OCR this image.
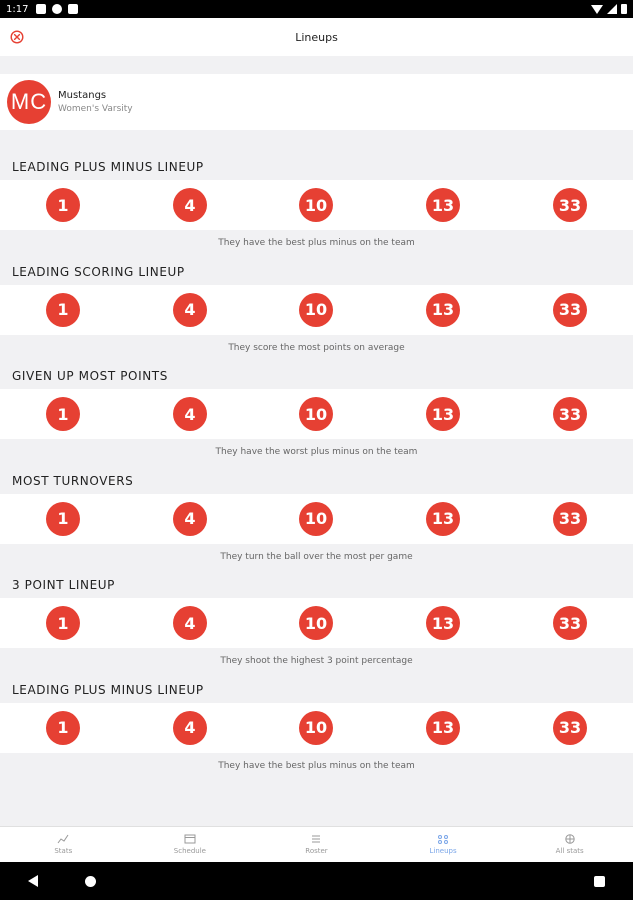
1:17
Lineups
MC	Mustangs
Women's Varsity
LEADING PLUS MINUS LINEUP
1	4	10	13	33
They have the best plus minus on the team
LEADING SCORING LINEUP
1	4	10	13	33
They score the most points on average
GIVEN UP MOST POINTS
1	4	10	13	33
They have the worst plus minus on the team
MOST TURNOVERS
1	4	10	13	33
They turn the ball over the most per game
3 POINT LINEUP
1	4	10	13	33
They shoot the highest 3 point percentage
LEADING PLUS MINUS LINEUP
1	4	10	13	33
They have the best plus minus on the team
Stats	Schedule	Roster	Lineups	All stats
